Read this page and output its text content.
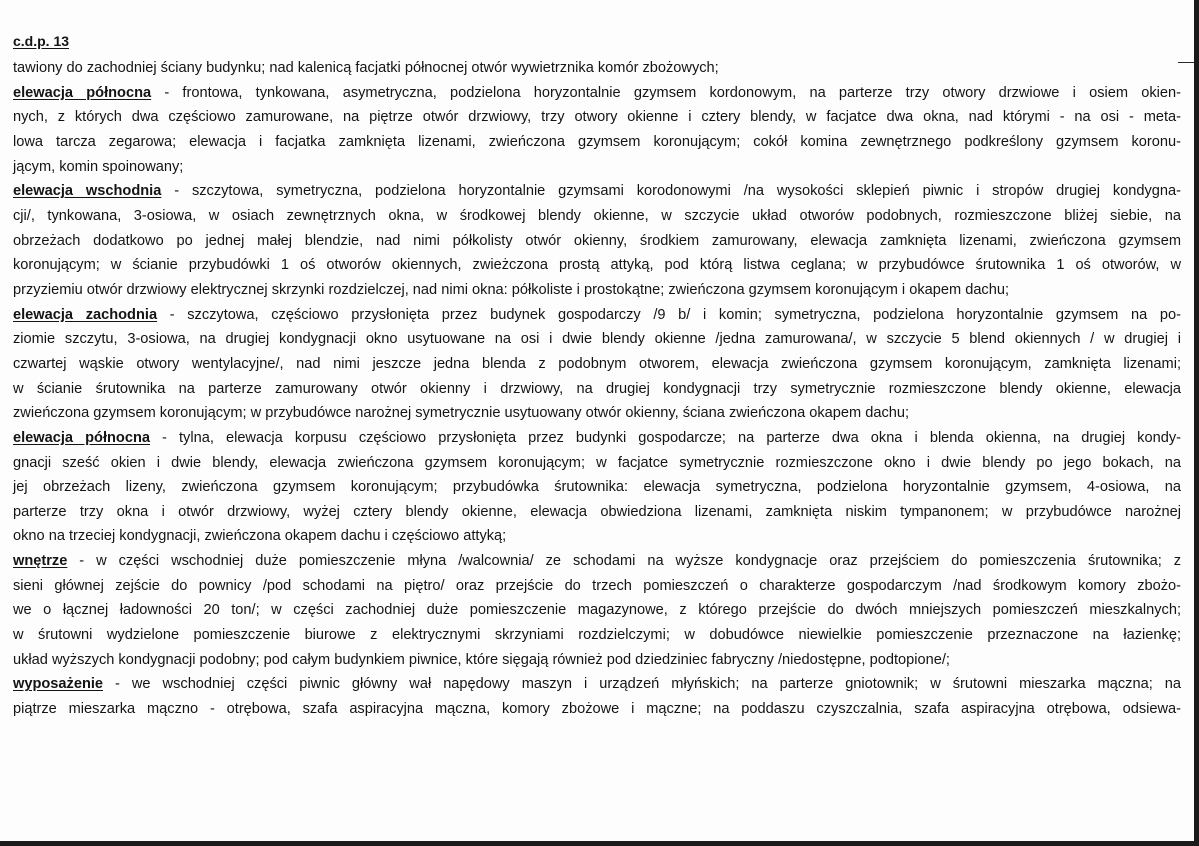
c.d.p. 13
tawiony do zachodniej ściany budynku; nad kalenicą facjatki północnej otwór wywietrznika komór zbożowych;
elewacja północna - frontowa, tynkowana, asymetryczna, podzielona horyzontalnie gzymsem kordonowym, na parterze trzy otwory drzwiowe i osiem okien-
nych, z których dwa częściowo zamurowane, na piętrze otwór drzwiowy, trzy otwory okienne i cztery blendy, w facjatce dwa okna, nad którymi - na osi - meta-
lowa tarcza zegarowa; elewacja i facjatka zamknięta lizenami, zwieńczona gzymsem koronującym; cokół komina zewnętrznego podkreślony gzymsem koronu-
jącym, komin spoinowany;
elewacja wschodnia - szczytowa, symetryczna, podzielona horyzontalnie gzymsami korodonowymi /na wysokości sklepień piwnic i stropów drugiej kondygna-
cji/, tynkowana, 3-osiowa, w osiach zewnętrznych okna, w środkowej blendy okienne, w szczycie układ otworów podobnych, rozmieszczone bliżej siebie, na
obrzeżach dodatkowo po jednej małej blendzie, nad nimi półkolisty otwór okienny, środkiem zamurowany, elewacja zamknięta lizenami, zwieńczona gzymsem
koronującym; w ścianie przybudówki 1 oś otworów okiennych, zwieżczona prostą attyką, pod którą listwa ceglana; w przybudówce śrutownika 1 oś otworów, w
przyziemiu otwór drzwiowy elektrycznej skrzynki rozdzielczej, nad nimi okna: półkoliste i prostokątne; zwieńczona gzymsem koronującym i okapem dachu;
elewacja zachodnia - szczytowa, częściowo przysłonięta przez budynek gospodarczy /9 b/ i komin; symetryczna, podzielona horyzontalnie gzymsem na po-
ziomie szczytu, 3-osiowa, na drugiej kondygnacji okno usytuowane na osi i dwie blendy okienne /jedna zamurowana/, w szczycie 5 blend okiennych / w drugiej i
czwartej wąskie otwory wentylacyjne/, nad nimi jeszcze jedna blenda z podobnym otworem, elewacja zwieńczona gzymsem koronującym, zamknięta lizenami;
w ścianie śrutownika na parterze zamurowany otwór okienny i drzwiowy, na drugiej kondygnacji trzy symetrycznie rozmieszczone blendy okienne, elewacja
zwieńczona gzymsem koronującym; w przybudówce narożnej symetrycznie usytuowany otwór okienny, ściana zwieńczona okapem dachu;
elewacja północna - tylna, elewacja korpusu częściowo przysłonięta przez budynki gospodarcze; na parterze dwa okna i blenda okienna, na drugiej kondy-
gnacji sześć okien i dwie blendy, elewacja zwieńczona gzymsem koronującym; w facjatce symetrycznie rozmieszczone okno i dwie blendy po jego bokach, na
jej obrzeżach lizeny, zwieńczona gzymsem koronującym; przybudówka śrutownika: elewacja symetryczna, podzielona horyzontalnie gzymsem, 4-osiowa, na
parterze trzy okna i otwór drzwiowy, wyżej cztery blendy okienne, elewacja obwiedziona lizenami, zamknięta niskim tympanonem; w przybudówce narożnej
okno na trzeciej kondygnacji, zwieńczona okapem dachu i częściowo attyką;
wnętrze - w części wschodniej duże pomieszczenie młyna /walcownia/ ze schodami na wyższe kondygnacje oraz przejściem do pomieszczenia śrutownika; z
sieni głównej zejście do pownicy /pod schodami na piętro/ oraz przejście do trzech pomieszczeń o charakterze gospodarczym /nad środkowym komory zbożo-
we o łącznej ładowności 20 ton/; w części zachodniej duże pomieszczenie magazynowe, z którego przejście do dwóch mniejszych pomieszczeń mieszkalnych;
w śrutowni wydzielone pomieszczenie biurowe z elektrycznymi skrzyniami rozdzielczymi; w dobudówce niewielkie pomieszczenie przeznaczone na łazienkę;
układ wyższych kondygnacji podobny; pod całym budynkiem piwnice, które sięgają również pod dziedziniec fabryczny /niedostępne, podtopione/;
wyposażenie - we wschodniej części piwnic główny wał napędowy maszyn i urządzeń młyńskich; na parterze gniotownik; w śrutowni mieszarka mączna; na
piątrze mieszarka mączno - otrębowa, szafa aspiracyjna mączna, komory zbożowe i mączne; na poddaszu czyszczalnia, szafa aspiracyjna otrębowa, odsiewa-
